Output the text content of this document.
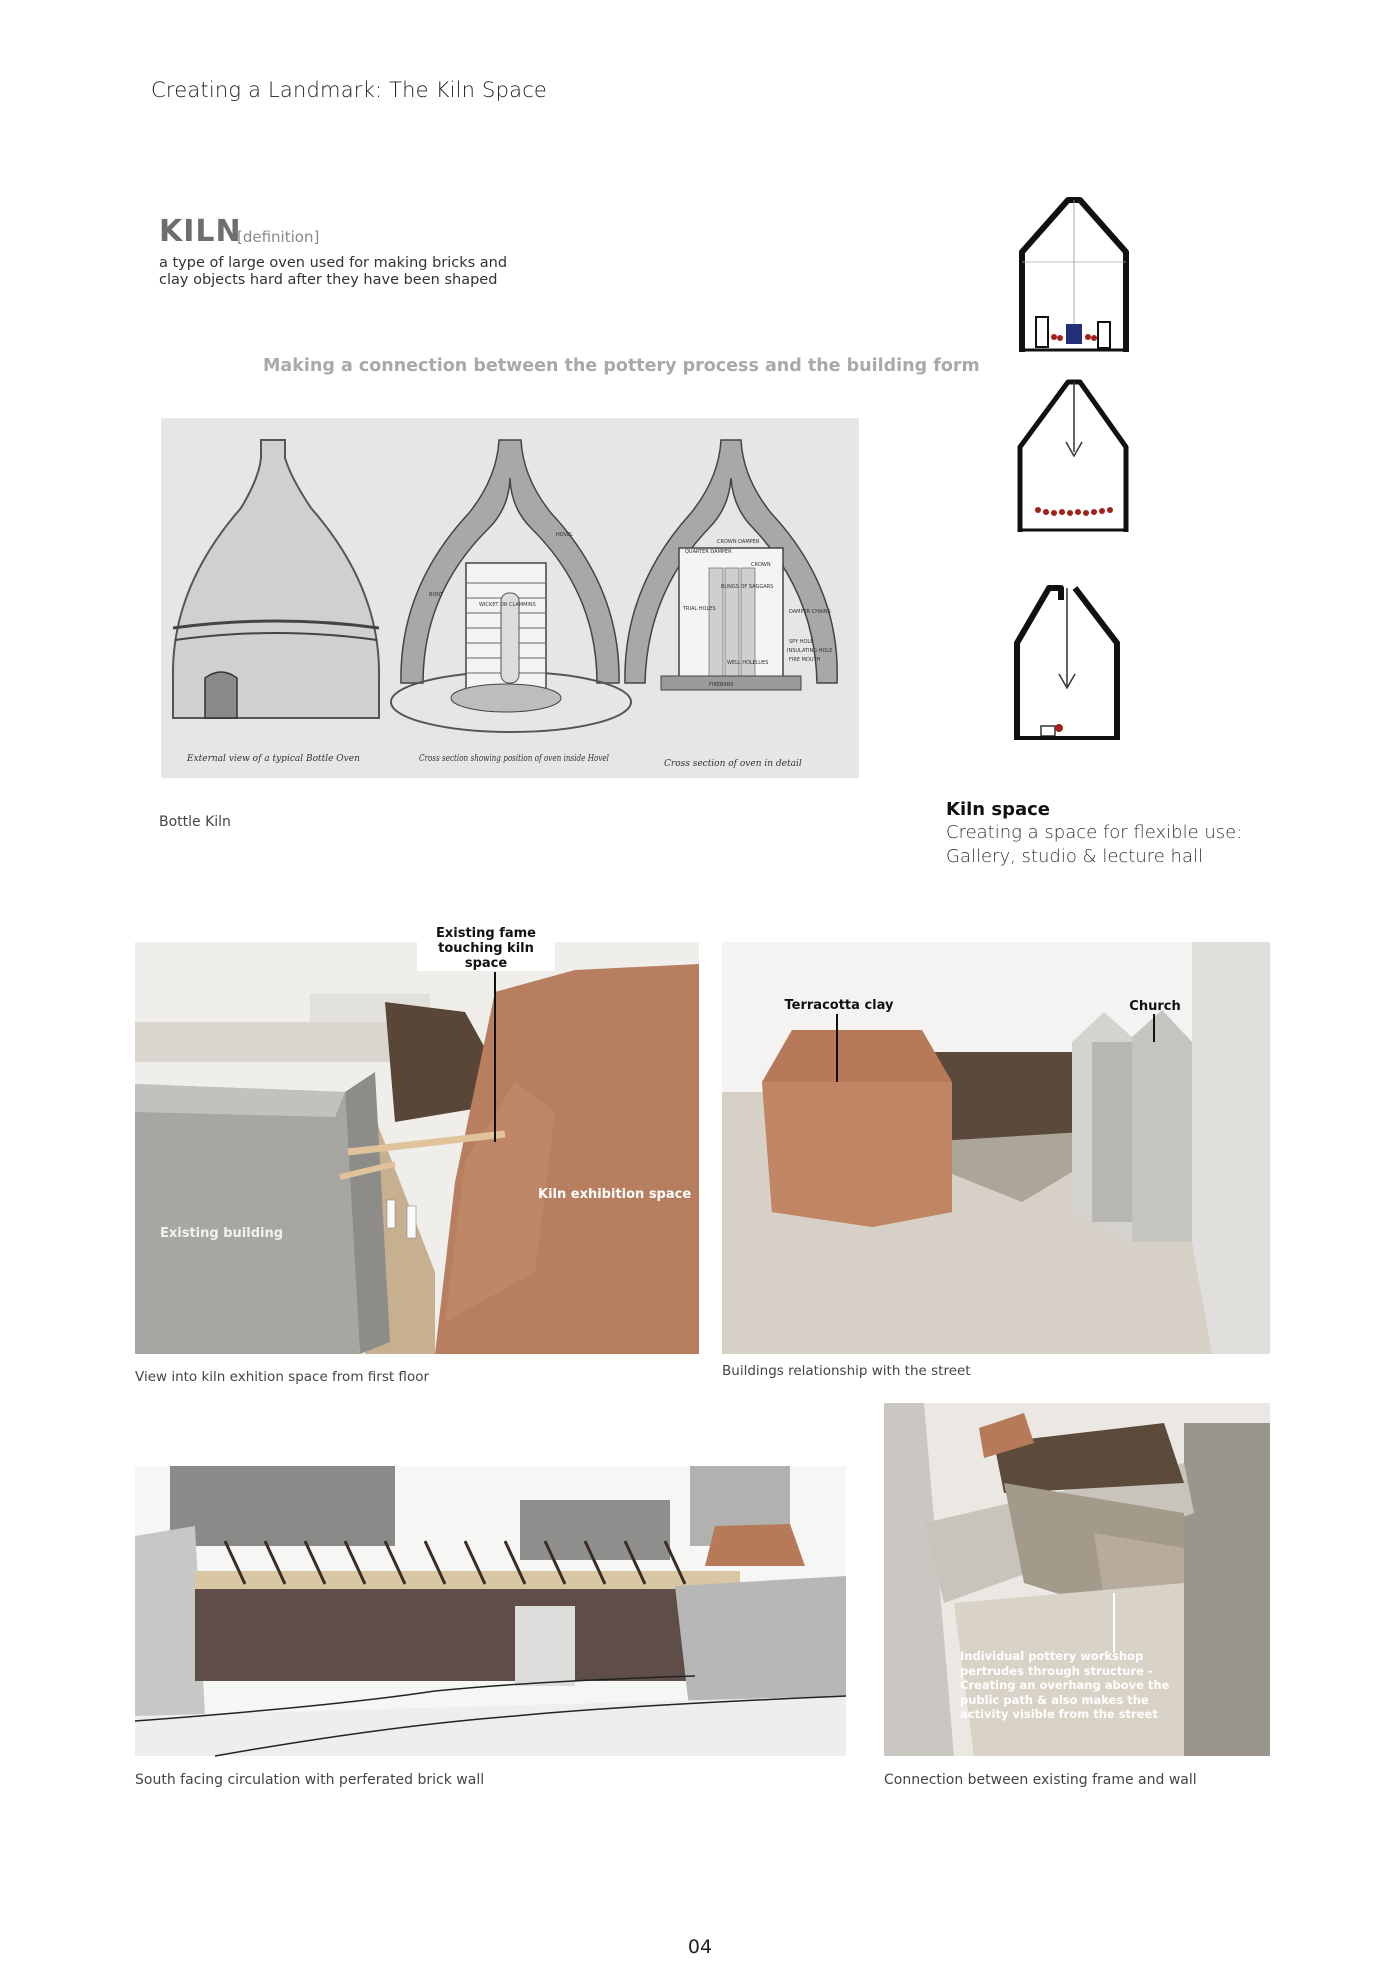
Creating a Landmark: The Kiln Space
KILN
[definition]
a type of large oven used for making bricks and clay objects hard after they have been shaped
Making a connection between the pottery process and the building form
HOVEL
CROWN DAMPER
QUARTER DAMPER
CROWN
BUNGS OF SAGGARS
TRIAL HOLES	DAMPER CHAINS
SPY HOLE
INSULATING HOLE
FIRE MOUTH
FIREBARS
WELL HOLE
FLUES
BONT
WICKET OR CLAMMINS
External view of a typical Bottle Oven	Cross section showing position of oven inside Hovel	Cross section of oven in detail
Bottle Kiln
Kiln space
Creating a space for flexible use: Gallery, studio & lecture hall
Existing fame touching kiln space
Kiln exhibition space
Existing building
View into kiln exhition space from first floor
Terracotta clay	Church
Buildings relationship with the street
South facing circulation with perferated brick wall
Individual pottery workshop pertrudes through structure - Creating an overhang above the public path & also makes the activity visible from the street
Connection between existing frame and wall
04
